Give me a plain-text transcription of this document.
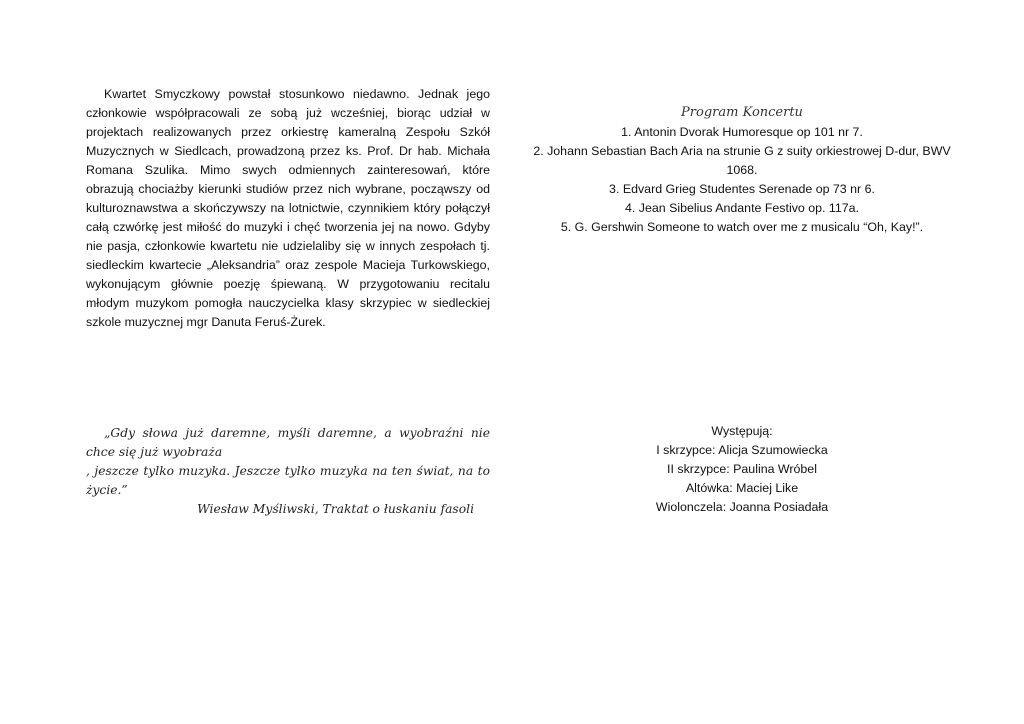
Kwartet Smyczkowy powstał stosunkowo niedawno. Jednak jego członkowie współpracowali ze sobą już wcześniej, biorąc udział w projektach realizowanych przez orkiestrę kameralną Zespołu Szkół Muzycznych w Siedlcach, prowadzoną przez ks. Prof. Dr hab. Michała Romana Szulika. Mimo swych odmiennych zainteresowań, które obrazują chociażby kierunki studiów przez nich wybrane, począwszy od kulturoznawstwa a skończywszy na lotnictwie, czynnikiem który połączył całą czwórkę jest miłość do muzyki i chęć tworzenia jej na nowo. Gdyby nie pasja, członkowie kwartetu nie udzielaliby się w innych zespołach tj. siedleckim kwartecie „Aleksandria” oraz zespole Macieja Turkowskiego, wykonującym głównie poezję śpiewaną. W przygotowaniu recitalu młodym muzykom pomogła nauczycielka klasy skrzypiec w siedleckiej szkole muzycznej mgr Danuta Feruś-Żurek.

Program Koncertu

1. Antonin Dvorak Humoresque op 101 nr 7.
2. Johann Sebastian Bach Aria na strunie G z suity orkiestrowej D-dur, BWV 1068.
3. Edvard Grieg Studentes Serenade op 73 nr 6.
4. Jean Sibelius Andante Festivo op. 117a.
5. G. Gershwin Someone to watch over me z musicalu “Oh, Kay!”.

„Gdy słowa już daremne, myśli daremne, a wyobraźni nie chce się już wyobraża

, jeszcze tylko muzyka. Jeszcze tylko muzyka na ten świat, na to życie.”

Wiesław Myśliwski, Traktat o łuskaniu fasoli

Występują:

I skrzypce: Alicja Szumowiecka

II skrzypce: Paulina Wróbel

Altówka: Maciej Like

Wiolonczela: Joanna Posiadała
